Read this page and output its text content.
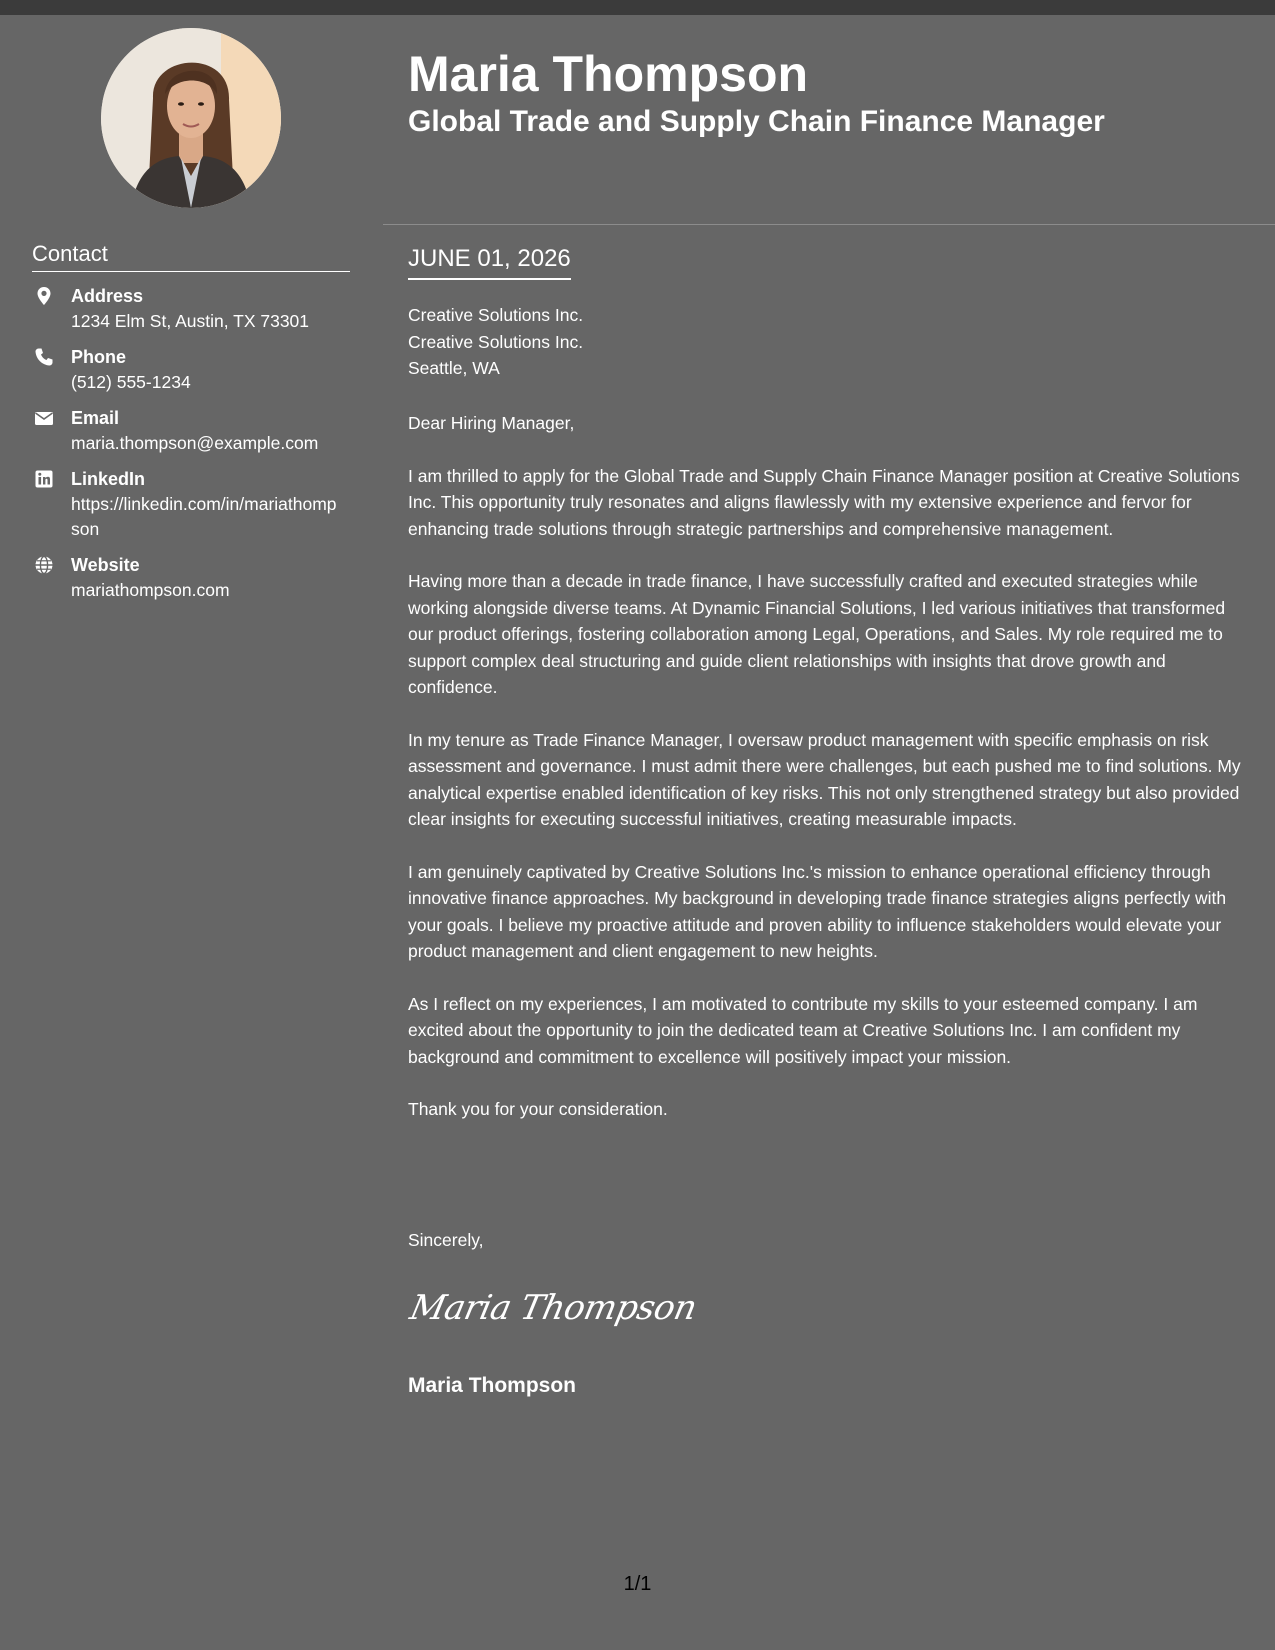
Contact
Address
1234 Elm St, Austin, TX 73301
Phone
(512) 555-1234
Email
maria.thompson@example.com
LinkedIn
https://linkedin.com/in/mariathompson
Website
mariathompson.com
Maria Thompson
Global Trade and Supply Chain Finance Manager
JUNE 01, 2026
Creative Solutions Inc.
Creative Solutions Inc.
Seattle, WA
Dear Hiring Manager,

I am thrilled to apply for the Global Trade and Supply Chain Finance Manager position at Creative Solutions Inc. This opportunity truly resonates and aligns flawlessly with my extensive experience and fervor for enhancing trade solutions through strategic partnerships and comprehensive management.

Having more than a decade in trade finance, I have successfully crafted and executed strategies while working alongside diverse teams. At Dynamic Financial Solutions, I led various initiatives that transformed our product offerings, fostering collaboration among Legal, Operations, and Sales. My role required me to support complex deal structuring and guide client relationships with insights that drove growth and confidence.

In my tenure as Trade Finance Manager, I oversaw product management with specific emphasis on risk assessment and governance. I must admit there were challenges, but each pushed me to find solutions. My analytical expertise enabled identification of key risks. This not only strengthened strategy but also provided clear insights for executing successful initiatives, creating measurable impacts.

I am genuinely captivated by Creative Solutions Inc.'s mission to enhance operational efficiency through innovative finance approaches. My background in developing trade finance strategies aligns perfectly with your goals. I believe my proactive attitude and proven ability to influence stakeholders would elevate your product management and client engagement to new heights.

As I reflect on my experiences, I am motivated to contribute my skills to your esteemed company. I am excited about the opportunity to join the dedicated team at Creative Solutions Inc. I am confident my background and commitment to excellence will positively impact your mission.

Thank you for your consideration.

Sincerely,
Maria Thompson
Maria Thompson
1/1
